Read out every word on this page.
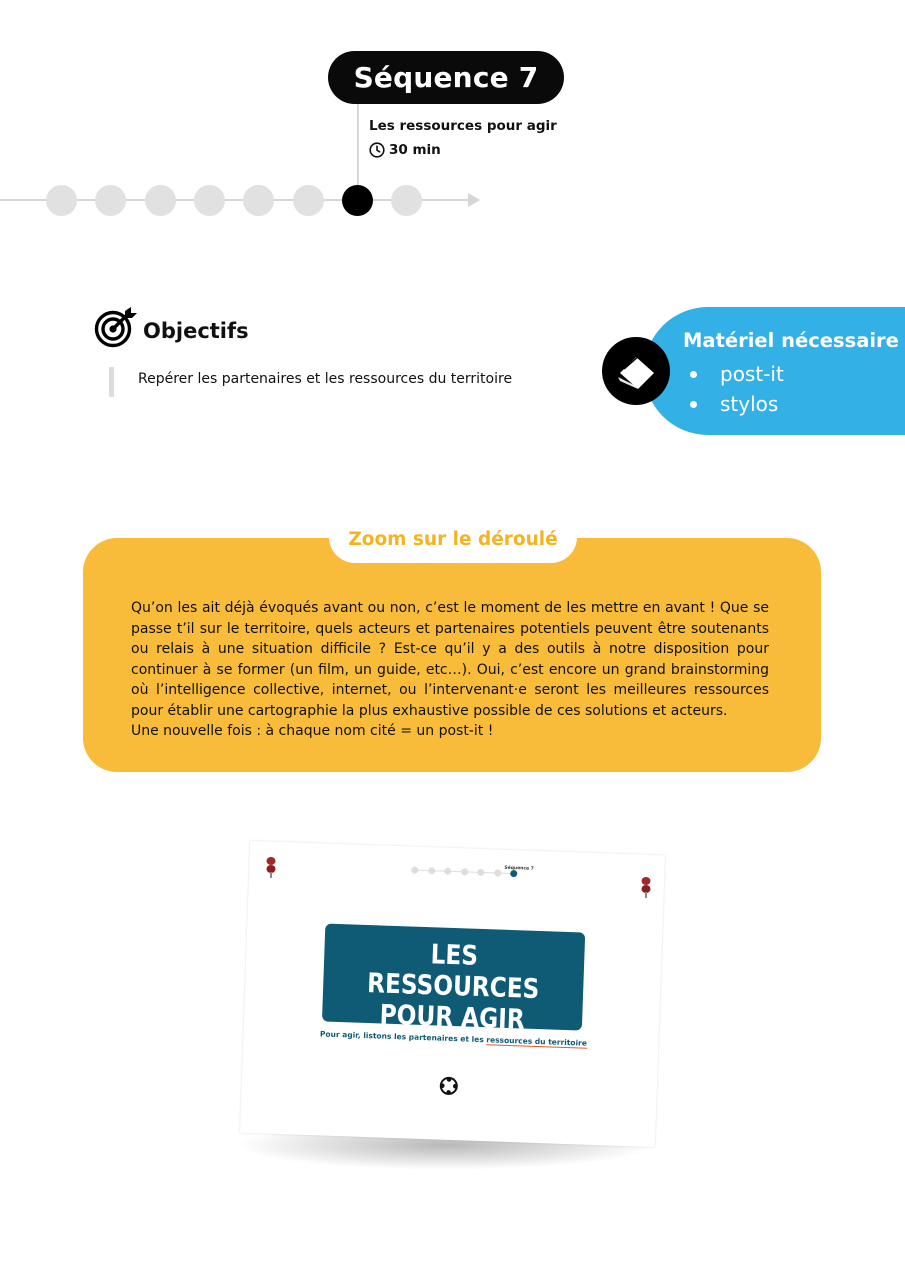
Séquence 7
Les ressources pour agir
30 min
Objectifs
Repérer les partenaires et les ressources du territoire
Matériel nécessaire
post-it
stylos
Zoom sur le déroulé

Qu’on les ait déjà évoqués avant ou non, c’est le moment de les mettre en avant ! Que se passe t’il sur le territoire, quels acteurs et partenaires potentiels peuvent être soutenants ou relais à une situation difficile ? Est-ce qu’il y a des outils à notre disposition pour continuer à se former (un film, un guide, etc…). Oui, c’est encore un grand brainstorming où l’intelligence collective, internet, ou l’intervenant·e seront les meilleures ressources pour établir une cartographie la plus exhaustive possible de ces solutions et acteurs.

Une nouvelle fois : à chaque nom cité = un post-it !

Séquence 7
LES RESSOURCES
POUR AGIR
Pour agir, listons les partenaires et les ressources du territoire
